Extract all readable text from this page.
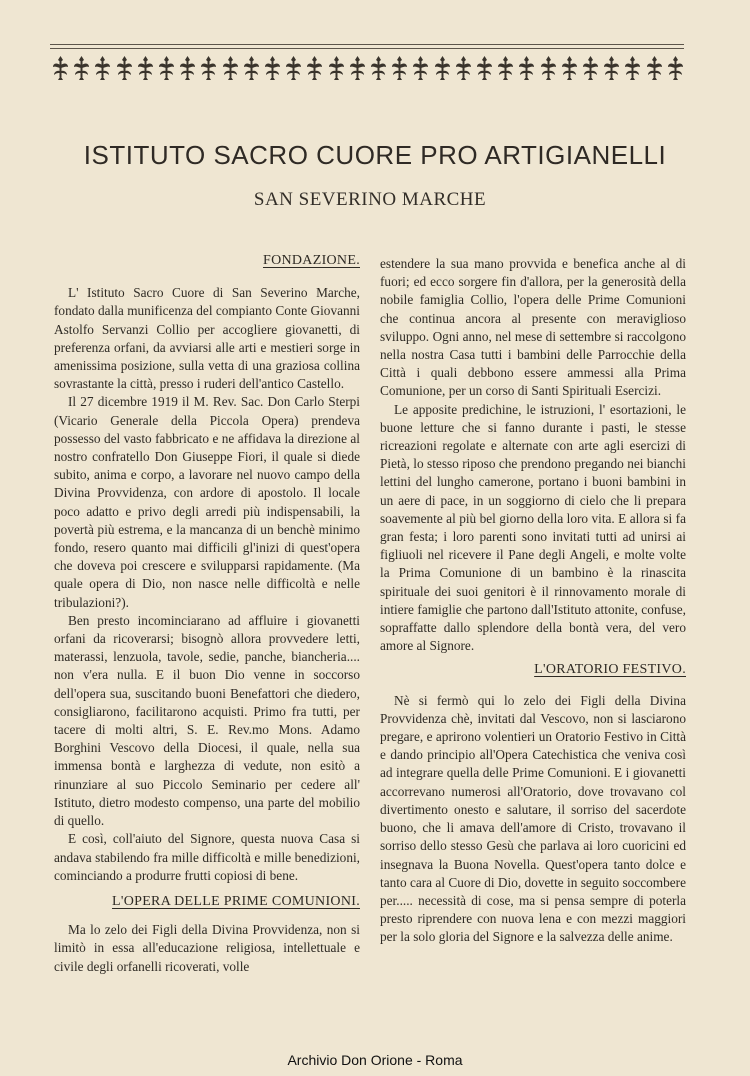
ISTITUTO SACRO CUORE PRO ARTIGIANELLI
SAN SEVERINO MARCHE
FONDAZIONE.

L' Istituto Sacro Cuore di San Severino Marche, fondato dalla munificenza del compianto Conte Giovanni Astolfo Servanzi Collio per accogliere giovanetti, di preferenza orfani, da avviarsi alle arti e mestieri sorge in amenissima posizione, sulla vetta di una graziosa collina sovrastante la città, presso i ruderi dell'antico Castello.

Il 27 dicembre 1919 il M. Rev. Sac. Don Carlo Sterpi (Vicario Generale della Piccola Opera) prendeva possesso del vasto fabbricato e ne affidava la direzione al nostro confratello Don Giuseppe Fiori, il quale si diede subito, anima e corpo, a lavorare nel nuovo campo della Divina Provvidenza, con ardore di apostolo. Il locale poco adatto e privo degli arredi più indispensabili, la povertà più estrema, e la mancanza di un benchè minimo fondo, resero quanto mai difficili gl'inizi di quest'opera che doveva poi crescere e svilupparsi rapidamente. (Ma quale opera di Dio, non nasce nelle difficoltà e nelle tribulazioni?).

Ben presto incominciarano ad affluire i giovanetti orfani da ricoverarsi; bisognò allora provvedere letti, materassi, lenzuola, tavole, sedie, panche, biancheria.... non v'era nulla. E il buon Dio venne in soccorso dell'opera sua, suscitando buoni Benefattori che diedero, consigliarono, facilitarono acquisti. Primo fra tutti, per tacere di molti altri, S. E. Rev.mo Mons. Adamo Borghini Vescovo della Diocesi, il quale, nella sua immensa bontà e larghezza di vedute, non esitò a rinunziare al suo Piccolo Seminario per cedere all' Istituto, dietro modesto compenso, una parte del mobilio di quello.

E così, coll'aiuto del Signore, questa nuova Casa si andava stabilendo fra mille difficoltà e mille benedizioni, cominciando a produrre frutti copiosi di bene.

L'OPERA DELLE PRIME COMUNIONI.

Ma lo zelo dei Figli della Divina Provvidenza, non si limitò in essa all'educazione religiosa, intellettuale e civile degli orfanelli ricoverati, volle

estendere la sua mano provvida e benefica anche al di fuori; ed ecco sorgere fin d'allora, per la generosità della nobile famiglia Collio, l'opera delle Prime Comunioni che continua ancora al presente con meraviglioso sviluppo. Ogni anno, nel mese di settembre si raccolgono nella nostra Casa tutti i bambini delle Parrocchie della Città i quali debbono essere ammessi alla Prima Comunione, per un corso di Santi Spirituali Esercizi.

Le apposite predichine, le istruzioni, l' esortazioni, le buone letture che si fanno durante i pasti, le stesse ricreazioni regolate e alternate con arte agli esercizi di Pietà, lo stesso riposo che prendono pregando nei bianchi lettini del lungho camerone, portano i buoni bambini in un aere di pace, in un soggiorno di cielo che li prepara soavemente al più bel giorno della loro vita. E allora si fa gran festa; i loro parenti sono invitati tutti ad unirsi ai figliuoli nel ricevere il Pane degli Angeli, e molte volte la Prima Comunione di un bambino è la rinascita spirituale dei suoi genitori è il rinnovamento morale di intiere famiglie che partono dall'Istituto attonite, confuse, sopraffatte dallo splendore della bontà vera, del vero amore al Signore.

L'ORATORIO FESTIVO.

Nè si fermò qui lo zelo dei Figli della Divina Provvidenza chè, invitati dal Vescovo, non si lasciarono pregare, e aprirono volentieri un Oratorio Festivo in Città e dando principio all'Opera Catechistica che veniva così ad integrare quella delle Prime Comunioni. E i giovanetti accorrevano numerosi all'Oratorio, dove trovavano col divertimento onesto e salutare, il sorriso del sacerdote buono, che li amava dell'amore di Cristo, trovavano il sorriso dello stesso Gesù che parlava ai loro cuoricini ed insegnava la Buona Novella. Quest'opera tanto dolce e tanto cara al Cuore di Dio, dovette in seguito soccombere per..... necessità di cose, ma si pensa sempre di poterla presto riprendere con nuova lena e con mezzi maggiori per la solo gloria del Signore e la salvezza delle anime.

Archivio Don Orione - Roma
